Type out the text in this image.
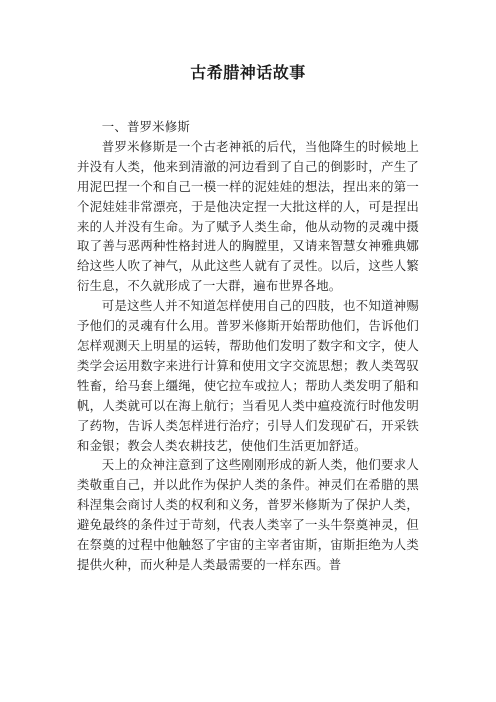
古希腊神话故事

一、普罗米修斯

普罗米修斯是一个古老神祇的后代，当他降生的时候地上并没有人类，他来到清澈的河边看到了自己的倒影时，产生了用泥巴捏一个和自己一模一样的泥娃娃的想法，捏出来的第一个泥娃娃非常漂亮，于是他决定捏一大批这样的人，可是捏出来的人并没有生命。为了赋予人类生命，他从动物的灵魂中摄取了善与恶两种性格封进人的胸膛里，又请来智慧女神雅典娜给这些人吹了神气，从此这些人就有了灵性。以后，这些人繁衍生息，不久就形成了一大群，遍布世界各地。

可是这些人并不知道怎样使用自己的四肢，也不知道神赐予他们的灵魂有什么用。普罗米修斯开始帮助他们，告诉他们怎样观测天上明星的运转，帮助他们发明了数字和文字，使人类学会运用数字来进行计算和使用文字交流思想；教人类驾驭牲畜，给马套上缰绳，使它拉车或拉人；帮助人类发明了船和帆，人类就可以在海上航行；当看见人类中瘟疫流行时他发明了药物，告诉人类怎样进行治疗；引导人们发现矿石，开采铁和金银；教会人类农耕技艺，使他们生活更加舒适。

天上的众神注意到了这些刚刚形成的新人类，他们要求人类敬重自己，并以此作为保护人类的条件。神灵们在希腊的黑科涅集会商讨人类的权利和义务，普罗米修斯为了保护人类，避免最终的条件过于苛刻，代表人类宰了一头牛祭奠神灵，但在祭奠的过程中他触怒了宇宙的主宰者宙斯，宙斯拒绝为人类提供火种，而火种是人类最需要的一样东西。普
